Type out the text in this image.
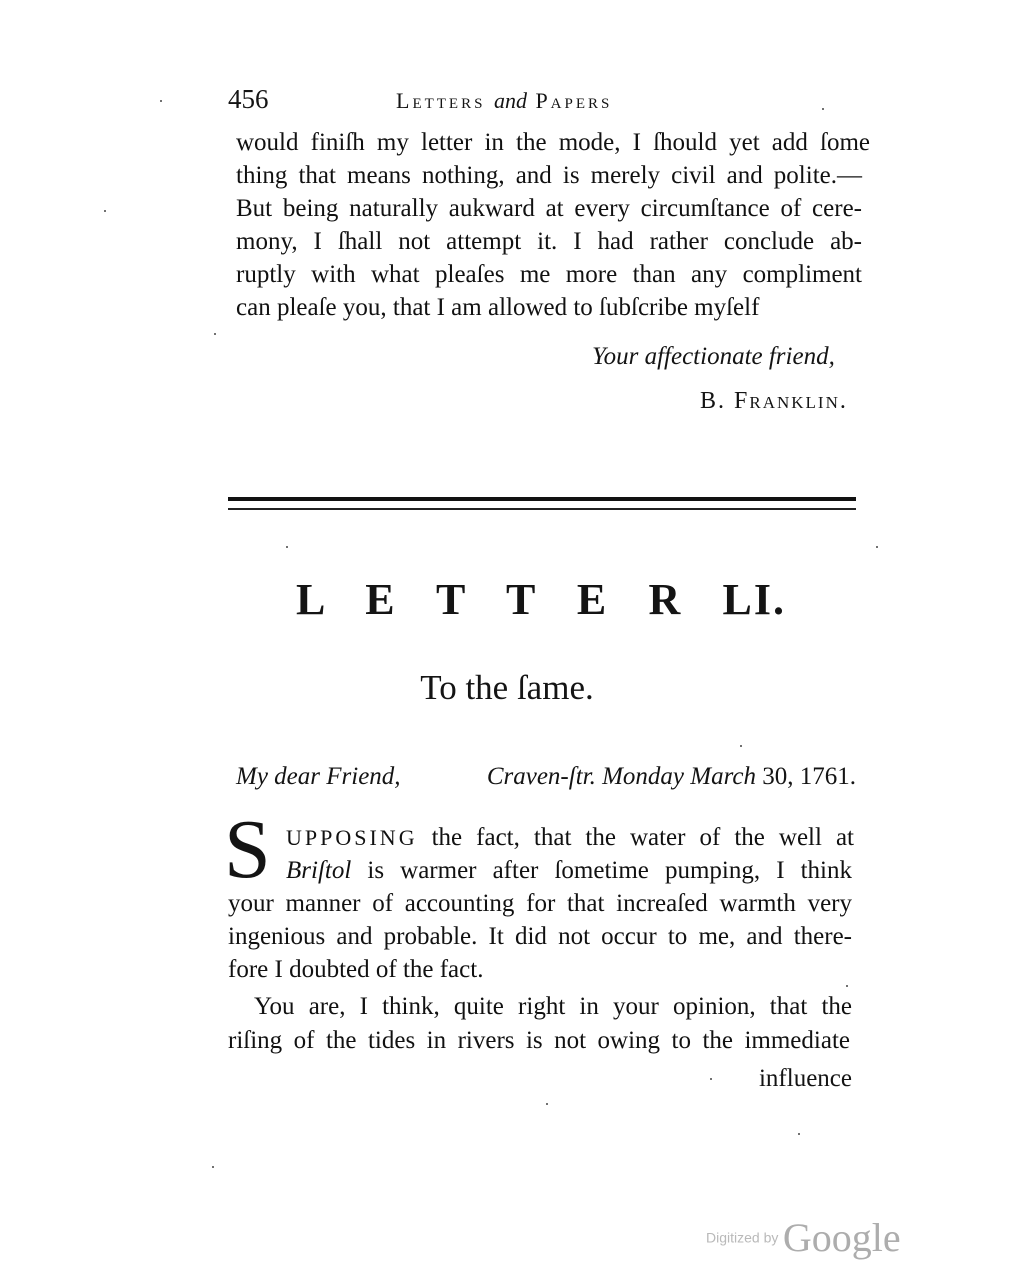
456	Letters and Papers
would finiſh my letter in the mode, I ſhould yet add ſome
thing that means nothing, and is merely civil and polite.—
But being naturally aukward at every circumſtance of cere-
mony, I ſhall not attempt it. I had rather conclude ab-
ruptly with what pleaſes me more than any compliment
can pleaſe you, that I am allowed to ſubſcribe myſelf
Your affectionate friend,
B. Franklin.
L E T T E R LI.
To the ſame.
My dear Friend,	Craven-ſtr. Monday March 30, 1761.
S UPPOSING the fact, that the water of the well at
Briſtol is warmer after ſometime pumping, I think
your manner of accounting for that increaſed warmth very
ingenious and probable. It did not occur to me, and there-
fore I doubted of the fact.
You are, I think, quite right in your opinion, that the
riſing of the tides in rivers is not owing to the immediate
influence
Digitized by Google
